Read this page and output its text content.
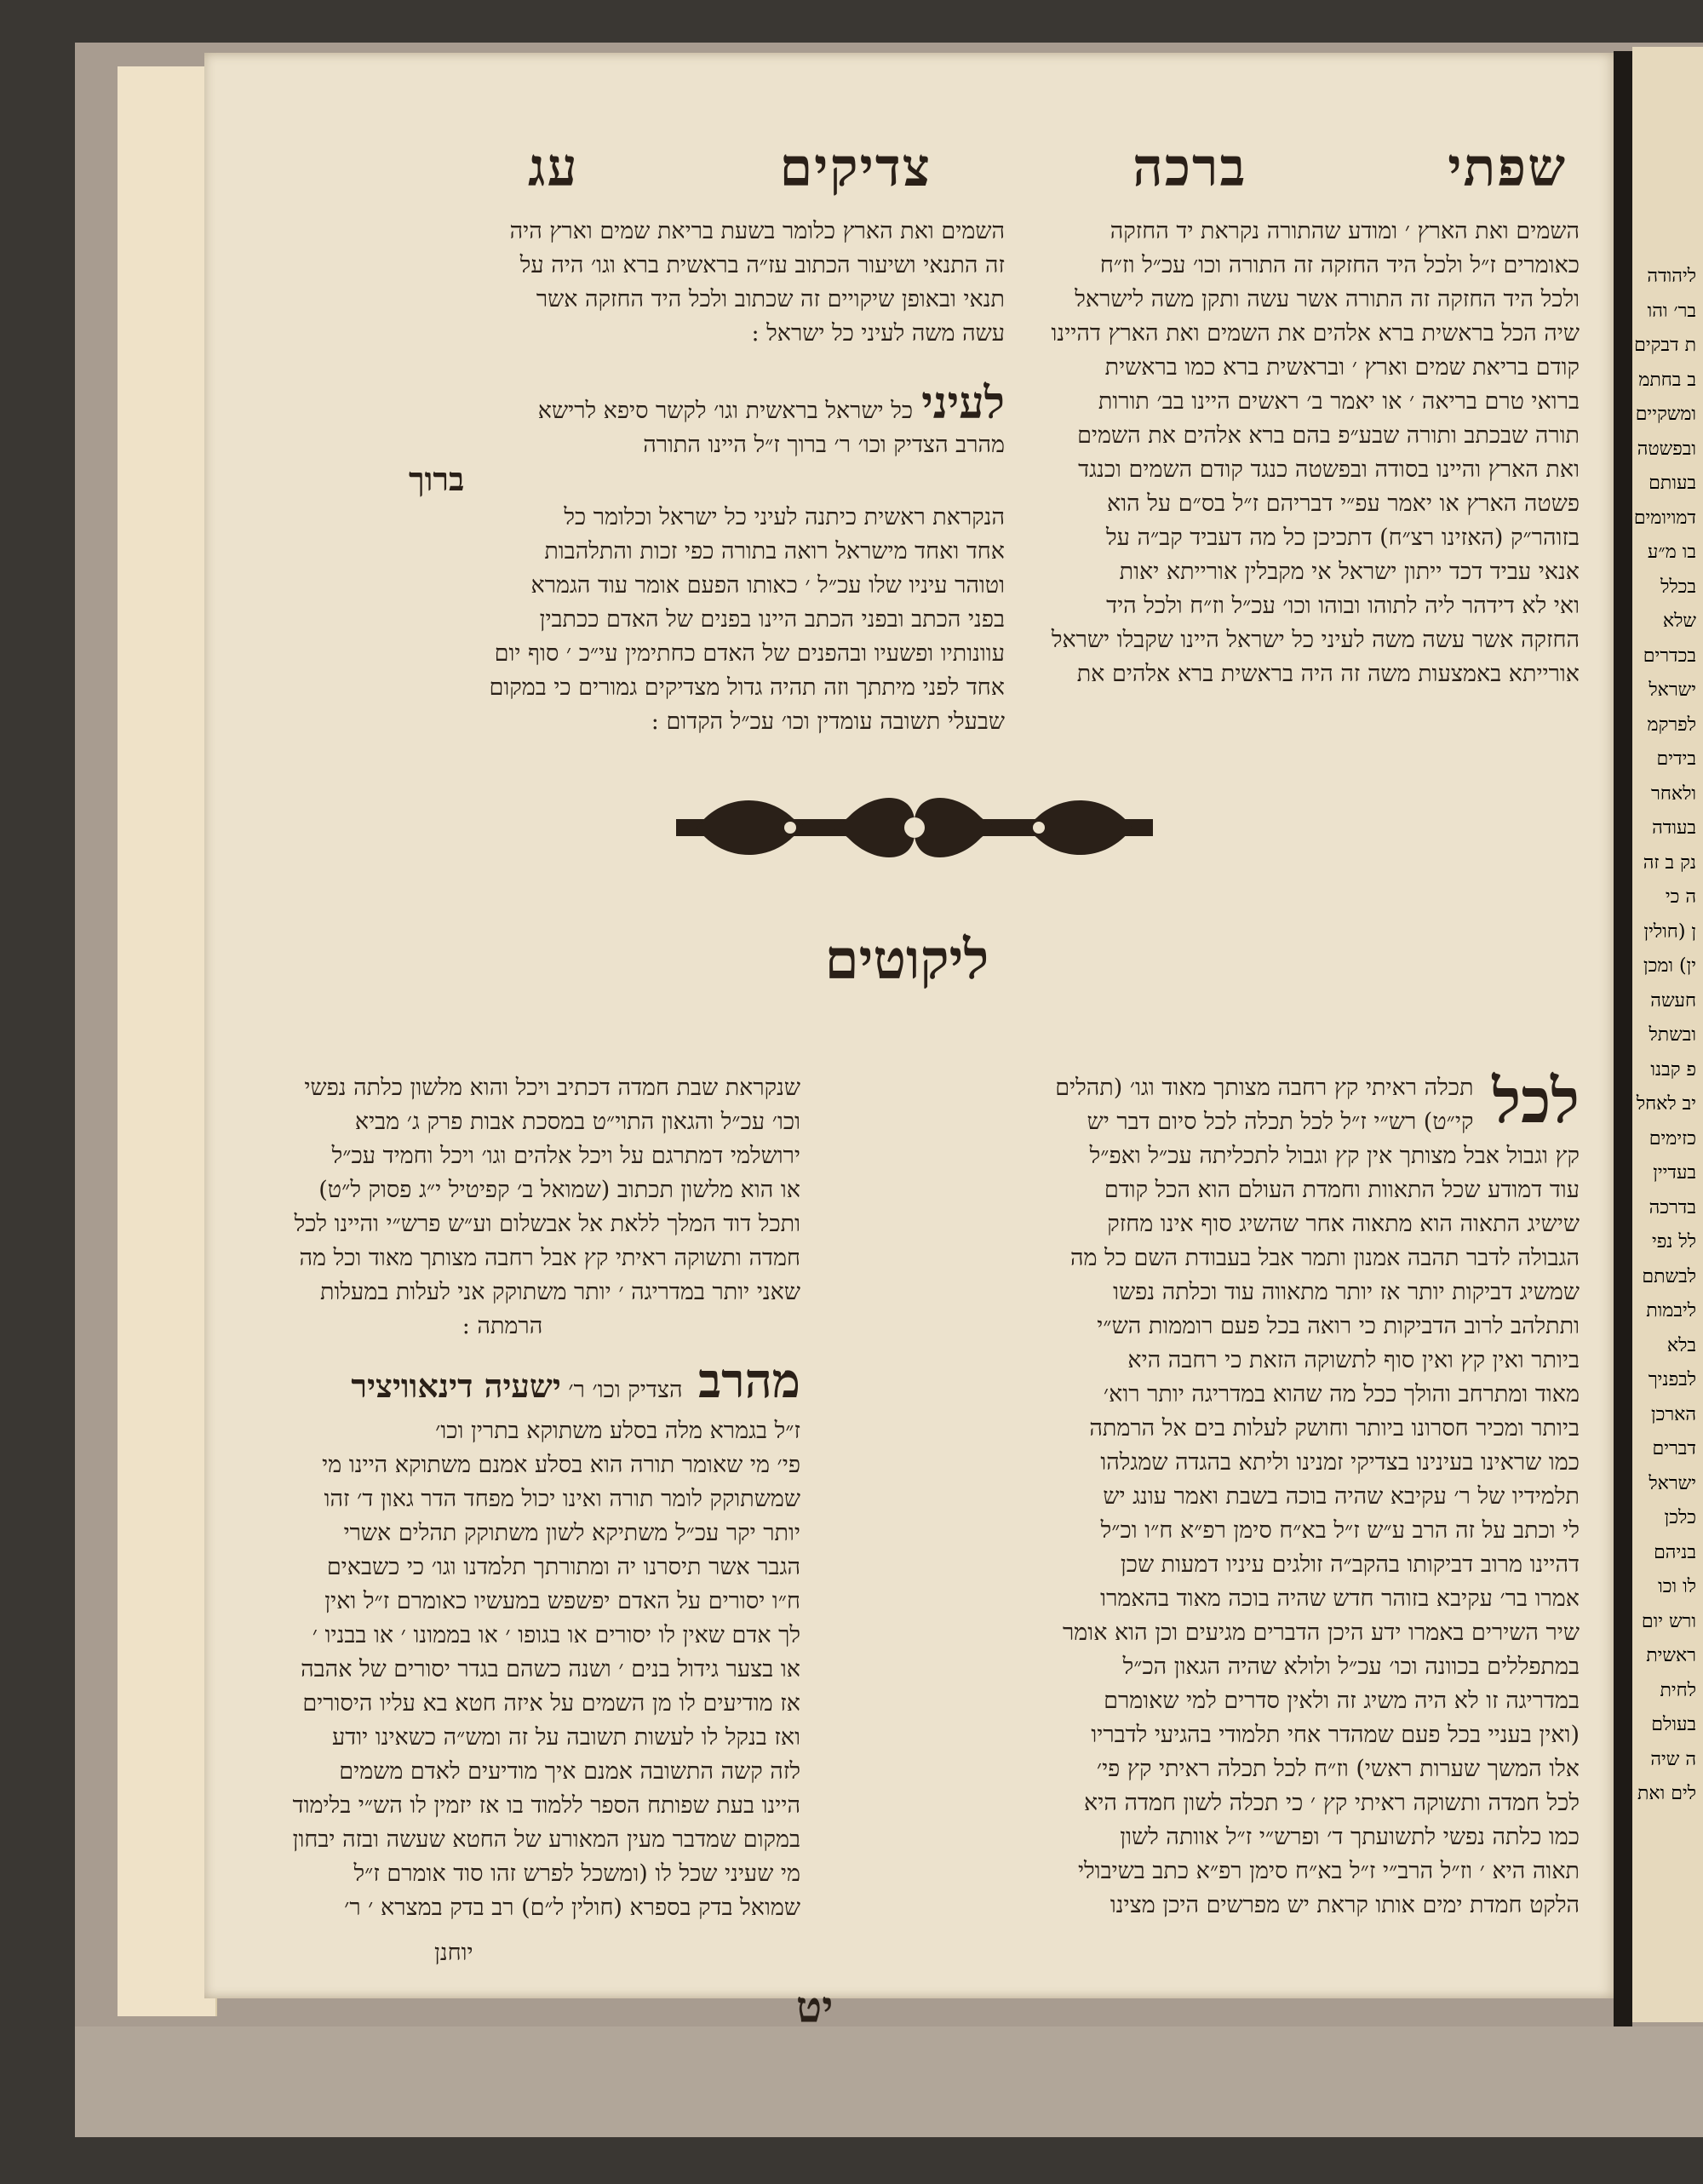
שפתי
ברכה
צדיקים
עג

השמים ואת הארץ ׳ ומודע שהתורה נקראת יד החזקה

כאומרים ז״ל ולכל היד החזקה זה התורה וכו׳ עכ״ל וז״ח

ולכל היד החזקה זה התורה אשר עשה ותקן משה לישראל

שיה הכל בראשית ברא אלהים את השמים ואת הארץ דהיינו

קודם בריאת שמים וארץ ׳ ובראשית ברא כמו בראשית

ברואי טרם בריאה ׳ או יאמר ב׳ ראשים היינו בב׳ תורות

תורה שבכתב ותורה שבע״פ בהם ברא אלהים את השמים

ואת הארץ והיינו בסודה ובפשטה כנגד קודם השמים וכנגד

פשטה הארץ או יאמר עפ״י דבריהם ז״ל בס״ם על הוא

בזוהר״ק (האזינו רצ״ח) דתכיכן כל מה דעביד קב״ה על

אנאי עביד דכד ייתון ישראל אי מקבלין אורייתא יאות

ואי לא דידהר ליה לתוהו ובוהו וכו׳ עכ״ל וז״ח ולכל היד

החזקה אשר עשה משה לעיני כל ישראל היינו שקבלו ישראל

אורייתא באמצעות משה זה היה בראשית ברא אלהים את

השמים ואת הארץ כלומר בשעת בריאת שמים וארץ היה

זה התנאי ושיעור הכתוב עז״ה בראשית ברא וגו׳ היה על

תנאי ובאופן שיקויים זה שכתוב ולכל היד החזקה אשר

עשה משה לעיני כל ישראל :

לעיניכל ישראל בראשית וגו׳ לקשר סיפא לרישא

מהרב הצדיק וכו׳ ר׳ ברוך ז״ל היינו התורה

ברוך

הנקראת ראשית כיתנה לעיני כל ישראל וכלומר כל

אחד ואחד מישראל רואה בתורה כפי זכות והתלהבות

וטוהר עיניו שלו עכ״ל ׳ כאותו הפעם אומר עוד הגמרא

בפני הכתב ובפני הכתב היינו בפנים של האדם ככתבין

עוונותיו ופשעיו ובהפנים של האדם כחתימין עי״כ ׳ סוף יום

אחד לפני מיתתך וזה תהיה גדול מצדיקים גמורים כי במקום

שבעלי תשובה עומדין וכו׳ עכ״ל הקדום :

ליקוטים
לכל

תכלה ראיתי קץ רחבה מצותך מאוד וגו׳ (תהלים

קי״ט) רש״י ז״ל לכל תכלה לכל סיום דבר יש

קץ וגבול אבל מצותך אין קץ וגבול לתכליתה עכ״ל ואפ״ל

עוד דמודע שכל התאוות וחמדת העולם הוא הכל קודם

שישיג התאוה הוא מתאוה אחר שהשיג סוף אינו מחזק

הגבולה לדבר תהבה אמנון ותמר אבל בעבודת השם כל מה

שמשיג דביקות יותר אז יותר מתאווה עוד וכלתה נפשו

ותתלהב לרוב הדביקות כי רואה בכל פעם רוממות הש״י

ביותר ואין קץ ואין סוף לתשוקה הזאת כי רחבה היא

מאוד ומתרחב והולך ככל מה שהוא במדריגה יותר רוא׳

ביותר ומכיר חסרונו ביותר וחושק לעלות בים אל הרמתה

כמו שראינו בעינינו בצדיקי זמנינו וליתא בהגדה שמגלהו

תלמידיו של ר׳ עקיבא שהיה בוכה בשבת ואמר עונג יש

לי וכתב על זה הרב ע״ש ז״ל בא״ח סימן רפ״א ח״ו וכ״ל

דהיינו מרוב דביקותו בהקב״ה זולגים עיניו דמעות שכן

אמרו בר׳ עקיבא בזוהר חדש שהיה בוכה מאוד בהאמרו

שיר השירים באמרו ידע היכן הדברים מגיעים וכן הוא אומר

במתפללים בכוונה וכו׳ עכ״ל ולולא שהיה הגאון הכ״ל

במדריגה זו לא היה משיג זה ולאין סדרים למי שאומרם

(ואין בעניי בכל פעם שמהדר אחי תלמודי בהגיעי לדבריו

אלו המשך שערות ראשי) וז״ח לכל תכלה ראיתי קץ פי׳

לכל חמדה ותשוקה ראיתי קץ ׳ כי תכלה לשון חמדה היא

כמו כלתה נפשי לתשועתך ד׳ ופרש״י ז״ל אוותה לשון

תאוה היא ׳ וז״ל הרב״י ז״ל בא״ח סימן רפ״א כתב בשיבולי

הלקט חמדת ימים אותו קראת יש מפרשים היכן מצינו

שנקראת שבת חמדה דכתיב ויכל והוא מלשון כלתה נפשי

וכו׳ עכ״ל והגאון התוי״ט במסכת אבות פרק ג׳ מביא

ירושלמי דמתרגם על ויכל אלהים וגו׳ ויכל וחמיד עכ״ל

או הוא מלשון תכתוב (שמואל ב׳ קפיטיל י״ג פסוק ל״ט)

ותכל דוד המלך ללאת אל אבשלום וע״ש פרש״י והיינו לכל

חמדה ותשוקה ראיתי קץ אבל רחבה מצותך מאוד וכל מה

שאני יותר במדריגה ׳ יותר משתוקק אני לעלות במעלות

הרמתה :

מהרב הצדיק וכו׳ ר׳ ישעיה דינאוויציר

ז״ל בגמרא מלה בסלע משתוקא בתרין וכו׳

פי׳ מי שאומר תורה הוא בסלע אמנם משתוקא היינו מי

שמשתוקק לומר תורה ואינו יכול מפחד הדר גאון ד׳ זהו

יותר יקר עכ״ל משתיקא לשון משתוקק תהלים אשרי

הגבר אשר תיסרנו יה ומתורתך תלמדנו וגו׳ כי כשבאים

ח״ו יסורים על האדם יפשפש במעשיו כאומרם ז״ל ואין

לך אדם שאין לו יסורים או בגופו ׳ או בממונו ׳ או בבניו ׳

או בצער גידול בנים ׳ ושנה כשהם בגדר יסורים של אהבה

אז מודיעים לו מן השמים על איזה חטא בא עליו היסורים

ואז בנקל לו לעשות תשובה על זה ומש״ה כשאינו יודע

לזה קשה התשובה אמנם איך מודיעים לאדם משמים

היינו בעת שפותח הספר ללמוד בו אז יזמין לו הש״י בלימוד

במקום שמדבר מעין המאורע של החטא שעשה ובזה יבחון

מי שעיני שכל לו (ומשכל לפרש זהו סוד אומרם ז״ל

שמואל בדק בספרא (חולין ל״ם) רב בדק במצרא ׳ ר׳

יוחנן
יט
ליהודה
בר׳ והו
ת דבקים
ב בחתמ
ומשקיים
ובפשטה
בעותם
דמויומים
בו מ״ע
בכלל
שלא
בכדרים
ישראל
לפרקמ
בידים
ולאחר
בעודה
נק ב זה
ה כי
ן (חולין
ין) ומכן
חעשה
ובשתל
פ קבנו
יב לאחל
כזימים
בעדיין
בדרכה
לל נפי
לבשתם
ליבמות
בלא
לבפניך
הארכן
דברים
ישראל
כלכן
בניהם
לו וכו
ורש יום
ראשית
לחית
בעולם
ה שיה
לים ואת
